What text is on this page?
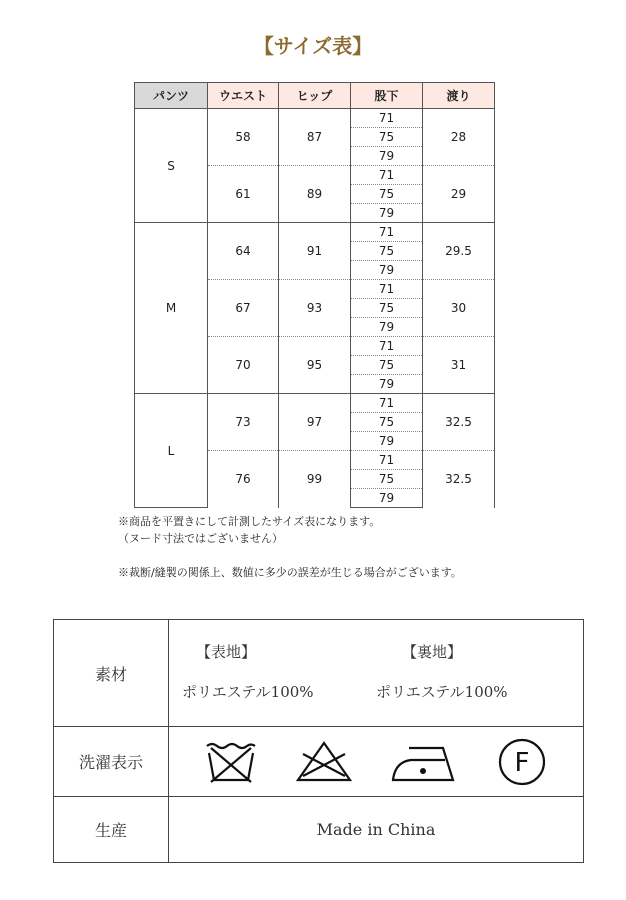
【サイズ表】
パンツ	ウエスト	ヒップ	股下	渡り
S	58	87	71	28
			75	
			79	
	61	89	71	29
			75	
			79	
M	64	91	71	29.5
			75	
			79	
	67	93	71	30
			75	
			79	
	70	95	71	31
			75	
			79	
L	73	97	71	32.5
			75	
			79	
	76	99	71	32.5
			75	
			79	
※商品を平置きにして計測したサイズ表になります。
（ヌード寸法ではございません）
※裁断/縫製の関係上、数値に多少の誤差が生じる場合がございます。
素材	【表地】
ポリエステル100%
【裏地】
ポリエステル100%

洗濯表示	F

生産	Made in China
